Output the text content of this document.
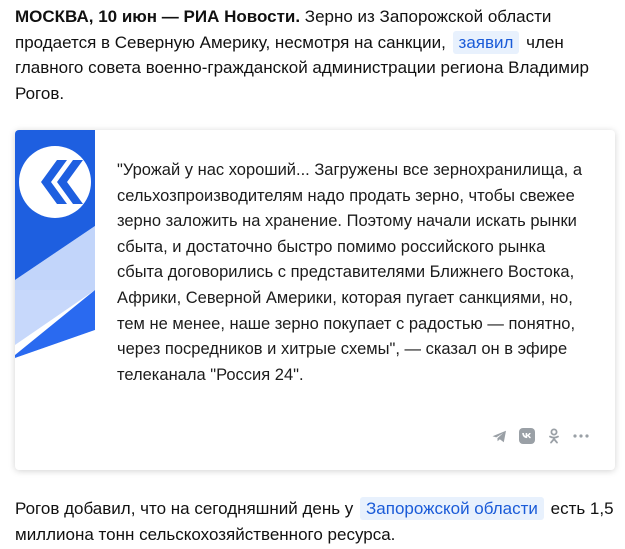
МОСКВА, 10 июн — РИА Новости. Зерно из Запорожской области продается в Северную Америку, несмотря на санкции, заявил член главного совета военно-гражданской администрации региона Владимир Рогов.
"Урожай у нас хороший... Загружены все зернохранилища, а сельхозпроизводителям надо продать зерно, чтобы свежее зерно заложить на хранение. Поэтому начали искать рынки сбыта, и достаточно быстро помимо российского рынка сбыта договорились с представителями Ближнего Востока, Африки, Северной Америки, которая пугает санкциями, но, тем не менее, наше зерно покупает с радостью — понятно, через посредников и хитрые схемы", — сказал он в эфире телеканала "Россия 24".
Рогов добавил, что на сегодняшний день у Запорожской области есть 1,5 миллиона тонн сельскохозяйственного ресурса.
